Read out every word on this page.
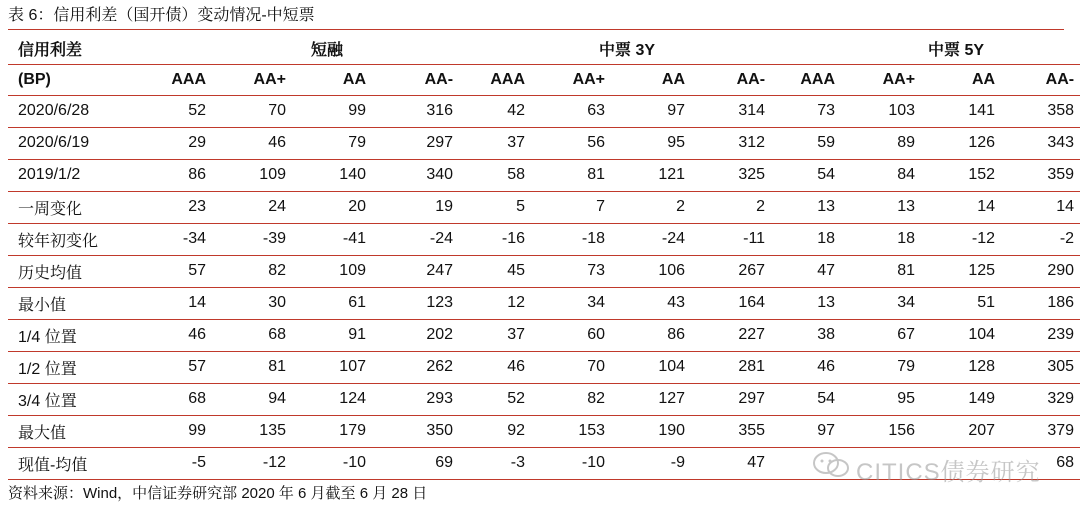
表 6：信用利差（国开债）变动情况-中短票
信用利差	短融				中票 3Y				中票 5Y			
(BP)	AAA	AA+	AA	AA-	AAA	AA+	AA	AA-	AAA	AA+	AA	AA-
2020/6/28	52	70	99	316	42	63	97	314	73	103	141	358
2020/6/19	29	46	79	297	37	56	95	312	59	89	126	343
2019/1/2	86	109	140	340	58	81	121	325	54	84	152	359
一周变化	23	24	20	19	5	7	2	2	13	13	14	14
较年初变化	-34	-39	-41	-24	-16	-18	-24	-11	18	18	-12	-2
历史均值	57	82	109	247	45	73	106	267	47	81	125	290
最小值	14	30	61	123	12	34	43	164	13	34	51	186
1/4 位置	46	68	91	202	37	60	86	227	38	67	104	239
1/2 位置	57	81	107	262	46	70	104	281	46	79	128	305
3/4 位置	68	94	124	293	52	82	127	297	54	95	149	329
最大值	99	135	179	350	92	153	190	355	97	156	207	379
现值-均值	-5	-12	-10	69	-3	-10	-9	47				68
资料来源：Wind，中信证券研究部 2020 年 6 月截至 6 月 28 日
CITICS债券研究
